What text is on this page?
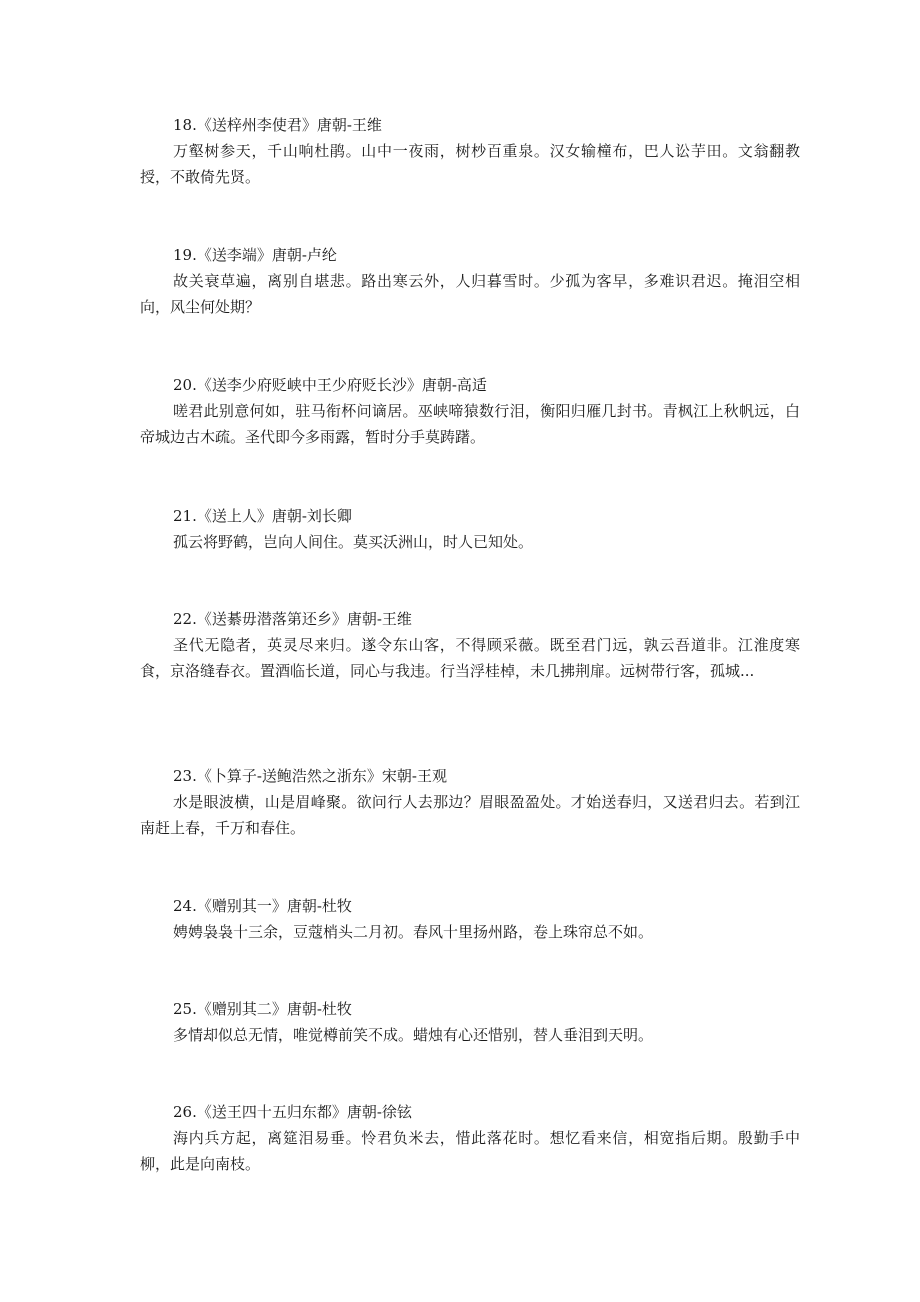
18.《送梓州李使君》唐朝-王维

万壑树参天，千山响杜鹃。山中一夜雨，树杪百重泉。汉女输橦布，巴人讼芋田。文翁翻教授，不敢倚先贤。

19.《送李端》唐朝-卢纶

故关衰草遍，离别自堪悲。路出寒云外，人归暮雪时。少孤为客早，多难识君迟。掩泪空相向，风尘何处期？

20.《送李少府贬峡中王少府贬长沙》唐朝-高适

嗟君此别意何如，驻马衔杯问谪居。巫峡啼猿数行泪，衡阳归雁几封书。青枫江上秋帆远，白帝城边古木疏。圣代即今多雨露，暂时分手莫踌躇。

21.《送上人》唐朝-刘长卿

孤云将野鹤，岂向人间住。莫买沃洲山，时人已知处。

22.《送綦毋潜落第还乡》唐朝-王维

圣代无隐者，英灵尽来归。遂令东山客，不得顾采薇。既至君门远，孰云吾道非。江淮度寒食，京洛缝春衣。置酒临长道，同心与我违。行当浮桂棹，未几拂荆扉。远树带行客，孤城...

23.《卜算子-送鲍浩然之浙东》宋朝-王观

水是眼波横，山是眉峰聚。欲问行人去那边？眉眼盈盈处。才始送春归，又送君归去。若到江南赶上春，千万和春住。

24.《赠别其一》唐朝-杜牧

娉娉袅袅十三余，豆蔻梢头二月初。春风十里扬州路，卷上珠帘总不如。

25.《赠别其二》唐朝-杜牧

多情却似总无情，唯觉樽前笑不成。蜡烛有心还惜别，替人垂泪到天明。

26.《送王四十五归东都》唐朝-徐铉

海内兵方起，离筵泪易垂。怜君负米去，惜此落花时。想忆看来信，相宽指后期。殷勤手中柳，此是向南枝。
